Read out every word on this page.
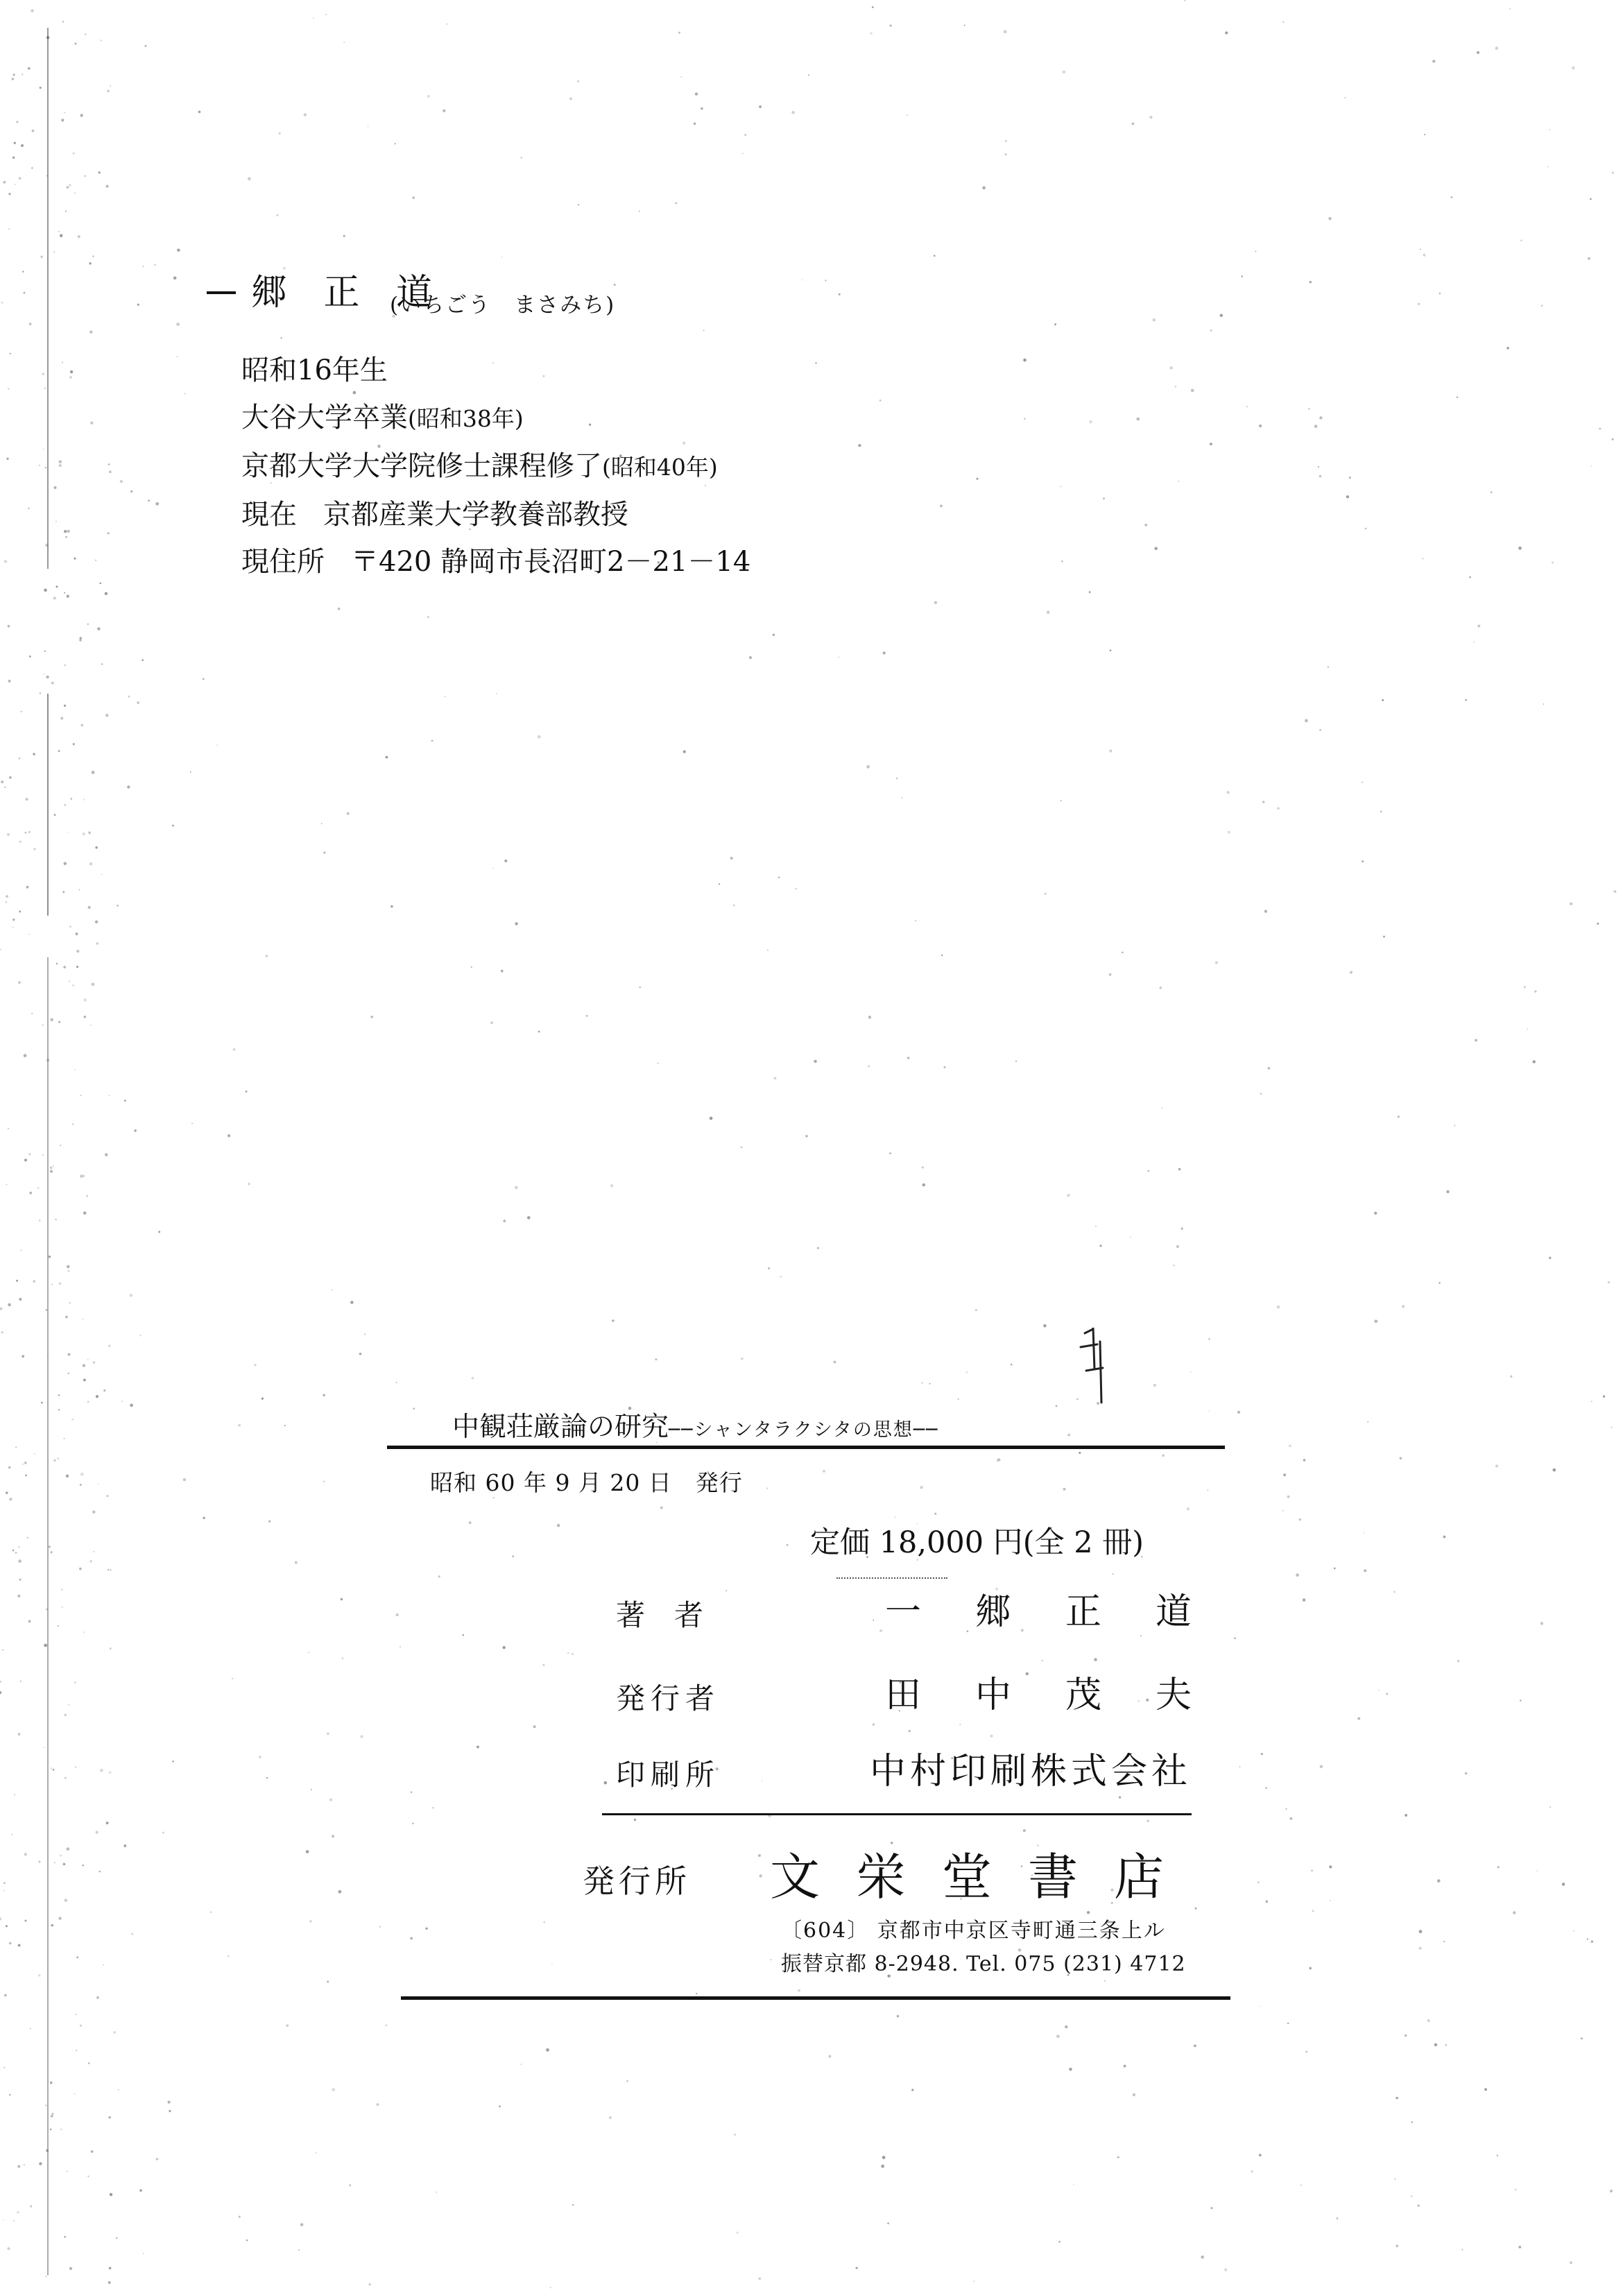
郷 正 道
(いちごう　まさみち)
昭和16年生
大谷大学卒業(昭和38年)
京都大学大学院修士課程修了(昭和40年)
現在 京都産業大学教養部教授
現住所 〒420 静岡市長沼町2－21－14
中観荘厳論の研究──シャンタラクシタの思想──
昭和 60 年 9 月 20 日　発行
定価 18,000 円(全 2 冊)
著者	一郷正道
発行者	田中茂夫
印刷所	中村印刷株式会社
発行所 文栄堂書店
〔604〕 京都市中京区寺町通三条上ル
振替京都 8-2948. Tel. 075 (231) 4712
